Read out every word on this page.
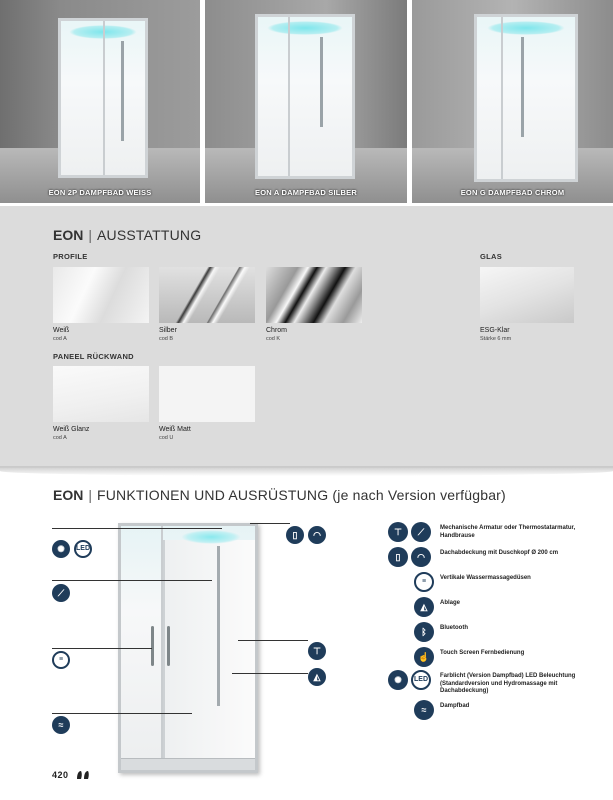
EON 2P DAMPFBAD WEISS	EON A DAMPFBAD SILBER	EON G DAMPFBAD CHROM
EON | AUSSTATTUNG
PROFILE	GLAS
Weiß
cod A
Silber
cod B
Chrom
cod K
ESG-Klar
Stärke 6 mm
PANEEL RÜCKWAND
Weiß Glanz
cod A
Weiß Matt
cod U
EON | FUNKTIONEN UND AUSRÜSTUNG (je nach Version verfügbar)
✺	LED
⟋
≡
≈
▯	◠
⊤
◭
⊤	⟋	Mechanische Armatur oder Thermostatarmatur, Handbrause
▯	◠	Dachabdeckung mit Duschkopf Ø 200 cm
≡	Vertikale Wassermassagedüsen
◭	Ablage
ᛒ	Bluetooth
☝	Touch Screen Fernbedienung
✺	LED	Farblicht (Version Dampfbad) LED Beleuchtung (Standardversion und Hydromassage mit Dachabdeckung)
≈	Dampfbad
420
